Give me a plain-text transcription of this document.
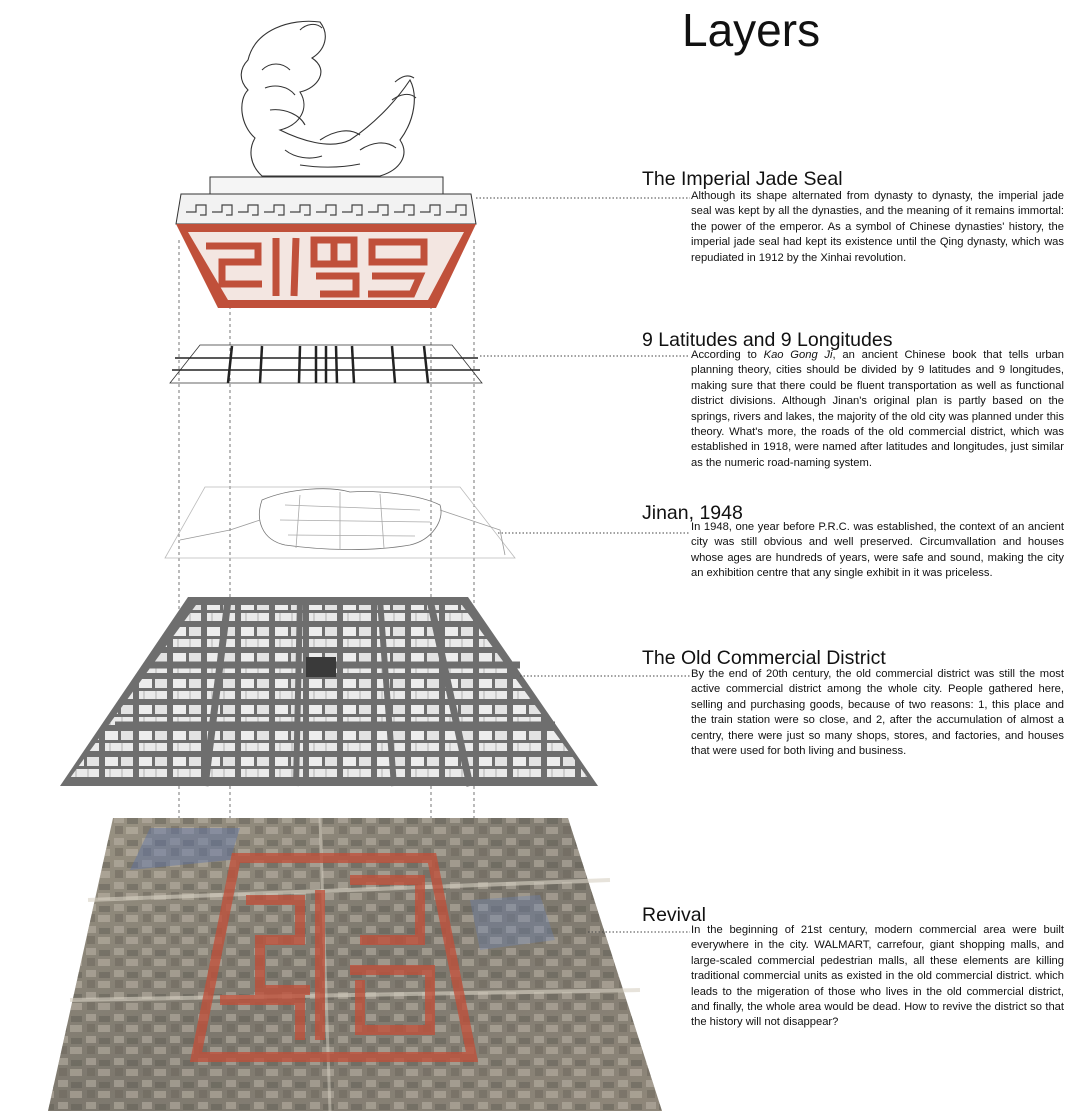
Layers
The Imperial Jade Seal
Although its shape alternated from dynasty to dynasty, the imperial jade seal was kept by all the dynasties, and the meaning of it remains immortal: the power of the emperor. As a symbol of Chinese dynasties' history, the imperial jade seal had kept its existence until the Qing dynasty, which was repudiated in 1912 by the Xinhai revolution.
9 Latitudes and 9 Longitudes
According to Kao Gong Ji, an ancient Chinese book that tells urban planning theory, cities should be divided by 9 latitudes and 9 longitudes, making sure that there could be fluent transportation as well as functional district divisions. Although Jinan's original plan is partly based on the springs, rivers and lakes, the majority of the old city was planned under this theory. What's more, the roads of the old commercial district, which was established in 1918, were named after latitudes and longitudes, just similar as the numeric road-naming system.
Jinan, 1948
In 1948, one year before P.R.C. was established, the context of an ancient city was still obvious and well preserved. Circumvallation and houses whose ages are hundreds of years, were safe and sound, making the city an exhibition centre that any single exhibit in it was priceless.
The Old Commercial District
By the end of 20th century, the old commercial district was still the most active commercial district among the whole city. People gathered here, selling and purchasing goods, because of two reasons: 1, this place and the train station were so close, and 2, after the accumulation of almost a centry, there were just so many shops, stores, and factories, and houses that were used for both living and business.
Revival
In the beginning of 21st century, modern commercial area were built everywhere in the city. WALMART, carrefour, giant shopping malls, and large-scaled commercial pedestrian malls, all these elements are killing traditional commercial units as existed in the old commercial district. which leads to the migeration of those who lives in the old commercial district, and finally, the whole area would be dead. How to revive the district so that the history will not disappear?
